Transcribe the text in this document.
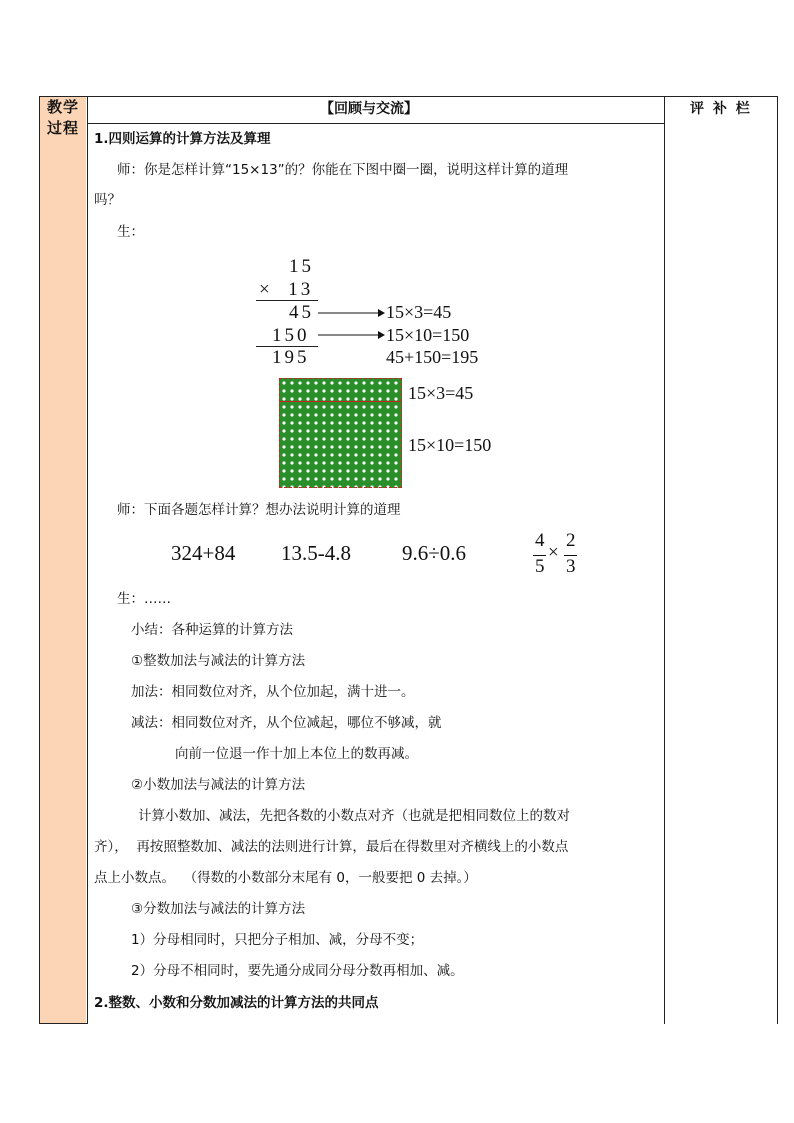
教学
过程
【回顾与交流】	评 补 栏
1.四则运算的计算方法及算理
师：你是怎样计算“15×13”的？你能在下图中圈一圈，说明这样计算的道理
吗？
生：
15
×  13
45
150
195
15×3=45
15×10=150
45+150=195
15×3=45
15×10=150
师：下面各题怎样计算？想办法说明计算的道理
324+84 13.5-4.8 9.6÷0.6
4
5
×
2
3
生：……
小结：各种运算的计算方法
①整数加法与减法的计算方法
加法：相同数位对齐，从个位加起，满十进一。
减法：相同数位对齐，从个位减起，哪位不够减，就
向前一位退一作十加上本位上的数再减。
②小数加法与减法的计算方法
计算小数加、减法，先把各数的小数点对齐（也就是把相同数位上的数对
齐），  再按照整数加、减法的法则进行计算，最后在得数里对齐横线上的小数点
点上小数点。  （得数的小数部分末尾有 0，一般要把 0 去掉。）
③分数加法与减法的计算方法
1）分母相同时，只把分子相加、减，分母不变；
2）分母不相同时，要先通分成同分母分数再相加、减。
2.整数、小数和分数加减法的计算方法的共同点
